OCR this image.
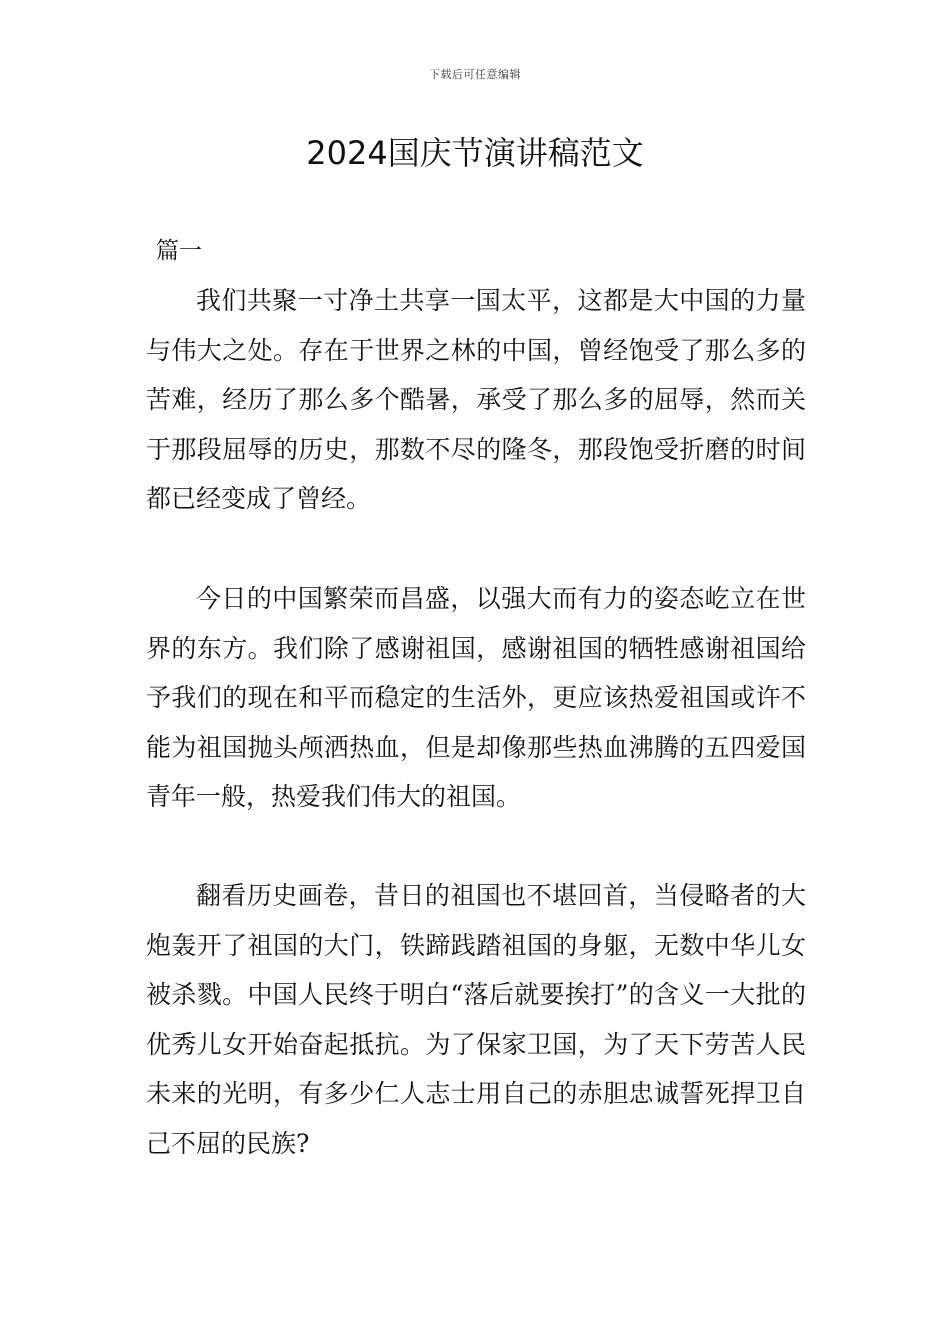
下载后可任意编辑
2024国庆节演讲稿范文
篇一

我们共聚一寸净土共享一国太平，这都是大中国的力量与伟大之处。存在于世界之林的中国，曾经饱受了那么多的苦难，经历了那么多个酷暑，承受了那么多的屈辱，然而关于那段屈辱的历史，那数不尽的隆冬，那段饱受折磨的时间都已经变成了曾经。

今日的中国繁荣而昌盛，以强大而有力的姿态屹立在世界的东方。我们除了感谢祖国，感谢祖国的牺牲感谢祖国给予我们的现在和平而稳定的生活外，更应该热爱祖国或许不能为祖国抛头颅洒热血，但是却像那些热血沸腾的五四爱国青年一般，热爱我们伟大的祖国。

翻看历史画卷，昔日的祖国也不堪回首，当侵略者的大炮轰开了祖国的大门，铁蹄践踏祖国的身躯，无数中华儿女被杀戮。中国人民终于明白“落后就要挨打”的含义一大批的优秀儿女开始奋起抵抗。为了保家卫国，为了天下劳苦人民未来的光明，有多少仁人志士用自己的赤胆忠诚誓死捍卫自己不屈的民族?
